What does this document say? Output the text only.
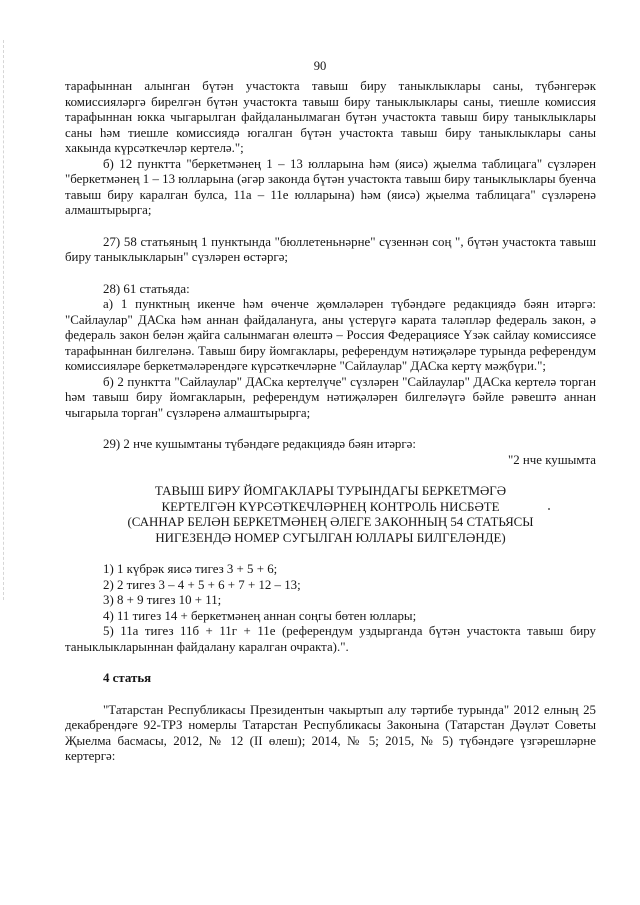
90

тарафыннан алынган бүтән участокта тавыш биру таныклыклары саны, түбәнгерәк комиссияләргә бирелгән бүтән участокта тавыш биру таныклыклары саны, тиешле комиссия тарафыннан юкка чыгарылган файдаланылмаган бүтән участокта тавыш биру таныклыклары саны һәм тиешле комиссиядә югалган бүтән участокта тавыш биру таныклыклары саны хакында күрсәткечләр кертелә.";

б) 12 пунктта "беркетмәнең 1 – 13 юлларына һәм (яисә) җыелма таблицага" сүзләрен "беркетмәнең 1 – 13 юлларына (әгәр законда бүтән участокта тавыш биру таныклыклары буенча тавыш биру каралган булса, 11а – 11е юлларына) һәм (яисә) җыелма таблицага" сүзләренә алмаштырырга;

27) 58 статьяның 1 пунктында "бюллетеньнәрне" сүзеннән соң ", бүтән участокта тавыш биру таныклыкларын" сүзләрен өстәргә;

28) 61 статьяда:

а) 1 пунктның икенче һәм өченче җөмләләрен түбәндәге редакциядә бәян итәргә: "Сайлаулар" ДАСка һәм аннан файдалануга, аны үстерүгә карата таләпләр федераль закон, ә федераль закон белән җайга салынмаган өлештә – Россия Федерациясе Үзәк сайлау комиссиясе тарафыннан билгеләнә. Тавыш биру йомгаклары, референдум нәтиҗәләре турында референдум комиссияләре беркетмәләрендәге күрсәткечләрне "Сайлаулар" ДАСка кертү мәҗбүри.";

б) 2 пунктта "Сайлаулар" ДАСка кертелүче" сүзләрен "Сайлаулар" ДАСка кертелә торган һәм тавыш биру йомгакларын, референдум нәтиҗәләрен билгеләүгә бәйле рәвештә аннан чыгарыла торган" сүзләренә алмаштырырга;

29) 2 нче кушымтаны түбәндәге редакциядә бәян итәргә:

"2 нче кушымта

ТАВЫШ БИРУ ЙОМГАКЛАРЫ ТУРЫНДАГЫ БЕРКЕТМӘГӘ
КЕРТЕЛГӘН КҮРСӘТКЕЧЛӘРНЕҢ КОНТРОЛЬ НИСБӘТЕ
(САННАР БЕЛӘН БЕРКЕТМӘНЕҢ ӘЛЕГЕ ЗАКОННЫҢ 54 СТАТЬЯСЫ
НИГЕЗЕНДӘ НОМЕР СУГЫЛГАН ЮЛЛАРЫ БИЛГЕЛӘНДЕ)

1) 1 күбрәк яисә тигез 3 + 5 + 6;

2) 2 тигез 3 – 4 + 5 + 6 + 7 + 12 – 13;

3) 8 + 9 тигез 10 + 11;

4) 11 тигез 14 + беркетмәнең аннан соңгы бөтен юллары;

5) 11а тигез 11б + 11г + 11е (референдум уздырганда бүтән участокта тавыш биру таныклыкларыннан файдалану каралган очракта).".

4 статья

"Татарстан Республикасы Президентын чакыртып алу тәртибе турында" 2012 елның 25 декабрендәге 92-ТРЗ номерлы Татарстан Республикасы Законына (Татарстан Дәүләт Советы Җыелма басмасы, 2012, № 12 (II өлеш); 2014, № 5; 2015, № 5) түбәндәге үзгәрешләрне кертергә:
